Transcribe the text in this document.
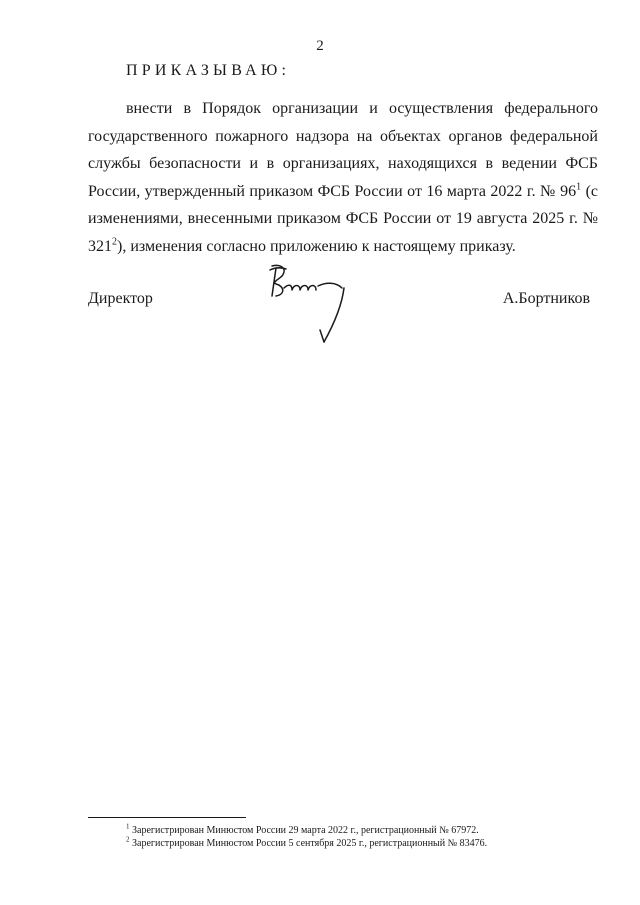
2
ПРИКАЗЫВАЮ:

внести в Порядок организации и осуществления федерального государственного пожарного надзора на объектах органов федеральной службы безопасности и в организациях, находящихся в ведении ФСБ России, утвержденный приказом ФСБ России от 16 марта 2022 г. № $96^1$ (с изменениями, внесенными приказом ФСБ России от 19 августа 2025 г. № $321^2$), изменения согласно приложению к настоящему приказу.

Директор	А.Бортников
$^1$ Зарегистрирован Минюстом России 29 марта 2022 г., регистрационный № 67972.
$^2$ Зарегистрирован Минюстом России 5 сентября 2025 г., регистрационный № 83476.
